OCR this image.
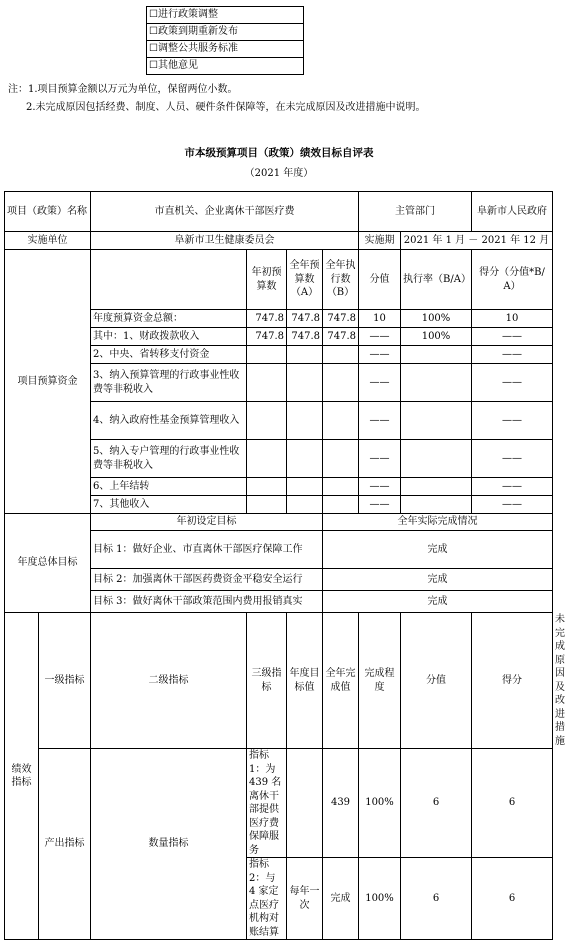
☐进行政策调整
☐政策到期重新发布
☐调整公共服务标准
☐其他意见
注：1.项目预算金额以万元为单位，保留两位小数。
2.未完成原因包括经费、制度、人员、硬件条件保障等，在未完成原因及改进措施中说明。
市本级预算项目（政策）绩效目标自评表
（2021 年度）
项目（政策）名称		市直机关、企业离休干部医疗费				主管部门		阜新市人民政府	
实施单位		阜新市卫生健康委员会				实施期	2021 年 1 月 － 2021 年 12 月		
项目预算资金			年初预算数	全年预算数（A）	全年执行数（B）	分值	执行率（B/A）	得分（分值*B/A）	
		年度预算资金总额：	747.8	747.8	747.8	10	100%	10	
		其中：1、财政拨款收入	747.8	747.8	747.8	——	100%	——	
		2、中央、省转移支付资金				——		——	
		3、纳入预算管理的行政事业性收费等非税收入				——		——	
		4、纳入政府性基金预算管理收入				——		——	
		5、纳入专户管理的行政事业性收费等非税收入				——		——	
		6、上年结转				——		——	
		7、其他收入				——		——	
年度总体目标		年初设定目标			全年实际完成情况				
		目标 1：做好企业、市直离休干部医疗保障工作			完成				
		目标 2：加强离休干部医药费资金平稳安全运行			完成				
		目标 3：做好离休干部政策范围内费用报销真实			完成				
绩效指标	一级指标	二级指标	三级指标	年度目标值	全年完成值	完成程度	分值	得分	未完成原因及改进措施
	产出指标	数量指标	指标 1：为 439 名离休干部提供医疗费保障服务		439	100%	6	6	
			指标 2：与 4 家定点医疗机构对账结算	每年一次	完成	100%	6	6	
